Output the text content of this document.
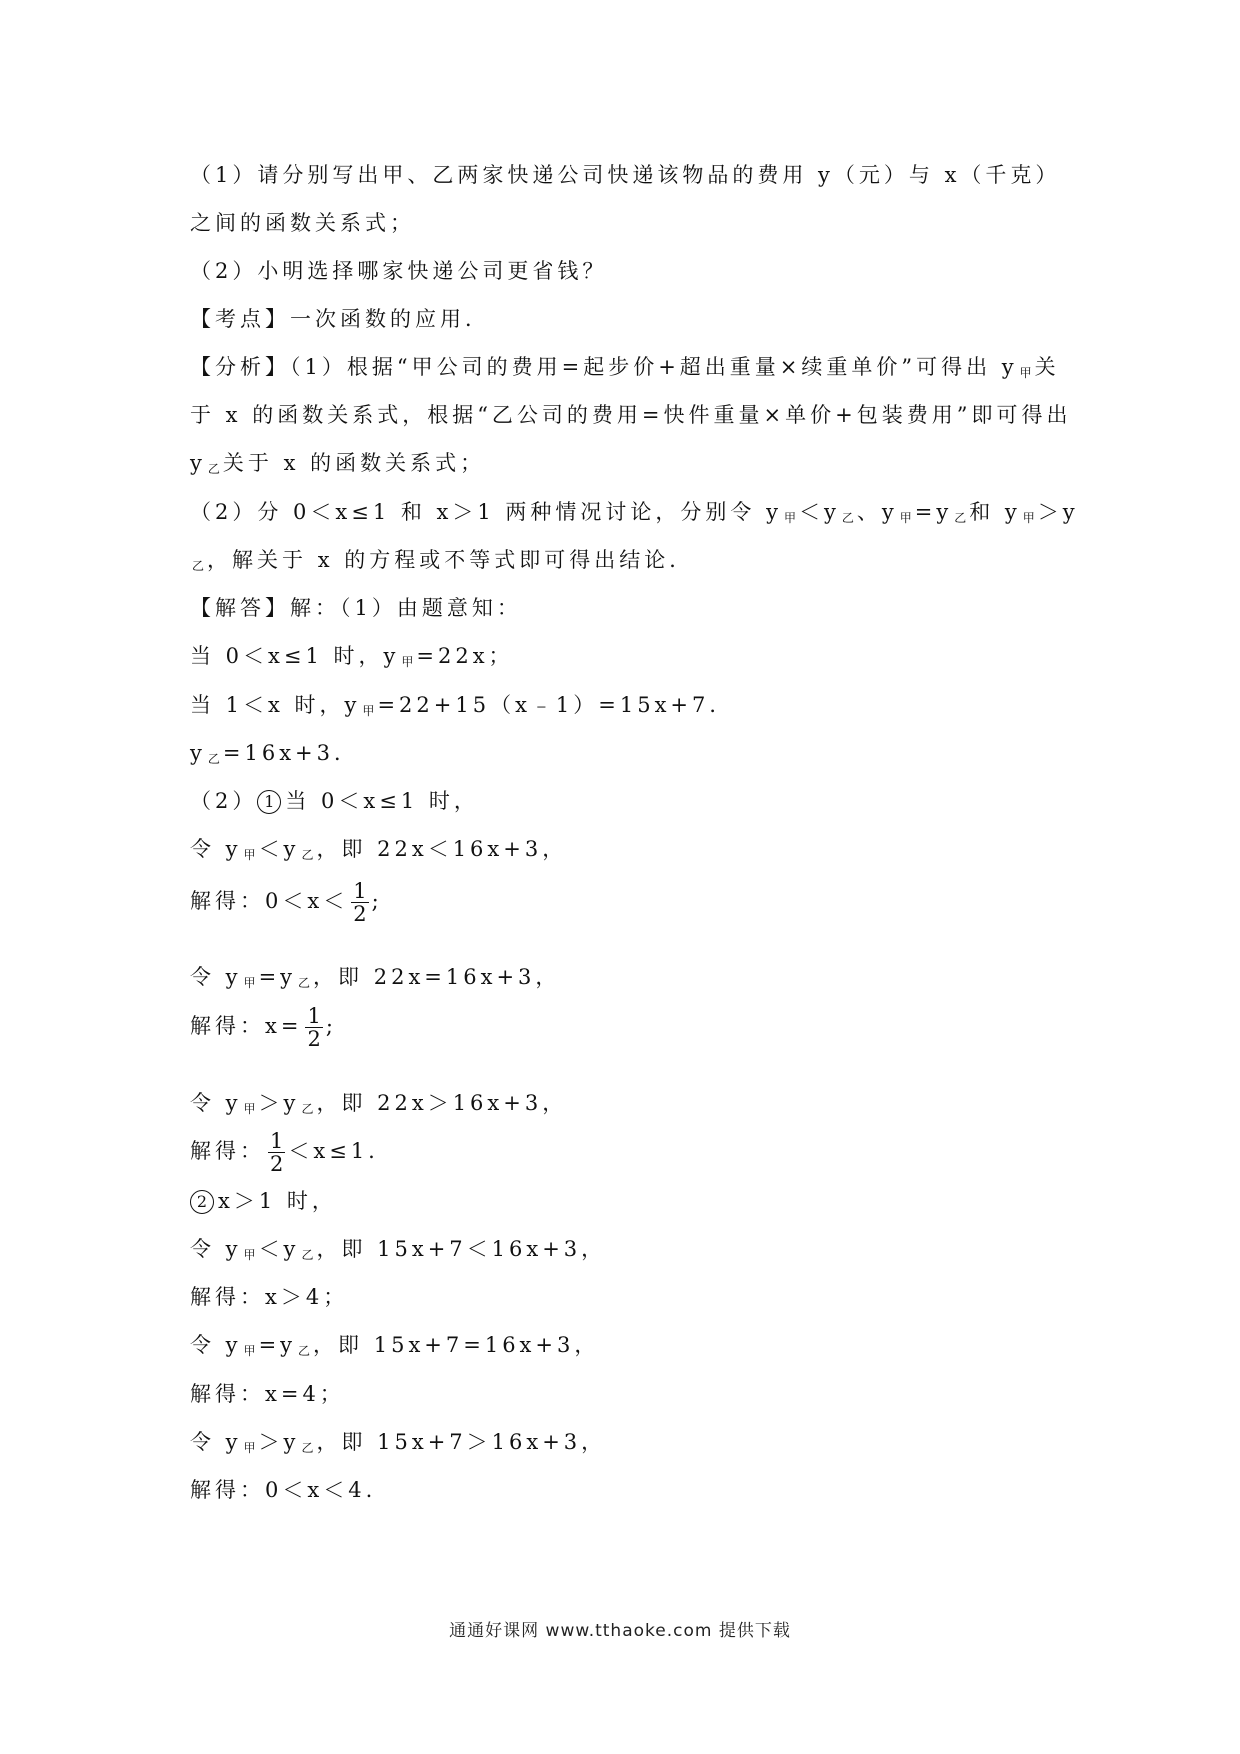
（1）请分别写出甲、乙两家快递公司快递该物品的费用 y（元）与 x（千克）
之间的函数关系式；
（2）小明选择哪家快递公司更省钱？
【考点】一次函数的应用．
【分析】（1）根据“甲公司的费用=起步价+超出重量×续重单价”可得出 y $_甲$ 关
于 x 的函数关系式，根据“乙公司的费用=快件重量×单价+包装费用”即可得出
y $_乙$ 关于 x 的函数关系式；
（2）分 0＜x≤1 和 x＞1 两种情况讨论，分别令 y $_甲$ ＜y $_乙$ 、y $_甲$ =y $_乙$ 和 y $_甲$ ＞y
$_乙$ ，解关于 x 的方程或不等式即可得出结论．
【解答】解：（1）由题意知：
当 0＜x≤1 时，y $_甲$ =22x；
当 1＜x 时，y $_甲$ =22+15（x﹣1）=15x+7．
y $_乙$ =16x+3．
（2） 1 当 0＜x≤1 时，
令 y $_甲$ ＜y $_乙$ ，即 22x＜16x+3，
解得：$0<x< \frac{1}{2}$ ;
令 y $_甲$ =y $_乙$ ，即 22x=16x+3，
解得：$x= \frac{1}{2}$ ;
令 y $_甲$ ＞y $_乙$ ，即 22x＞16x+3，
解得： $\frac{1}{2} <x\le 1$.
2 x＞1 时，
令 y $_甲$ ＜y $_乙$ ，即 15x+7＜16x+3，
解得：x＞4；
令 y $_甲$ =y $_乙$ ，即 15x+7=16x+3，
解得：x=4；
令 y $_甲$ ＞y $_乙$ ，即 15x+7＞16x+3，
解得：0＜x＜4.
通通好课网 www.tthaoke.com 提供下载
